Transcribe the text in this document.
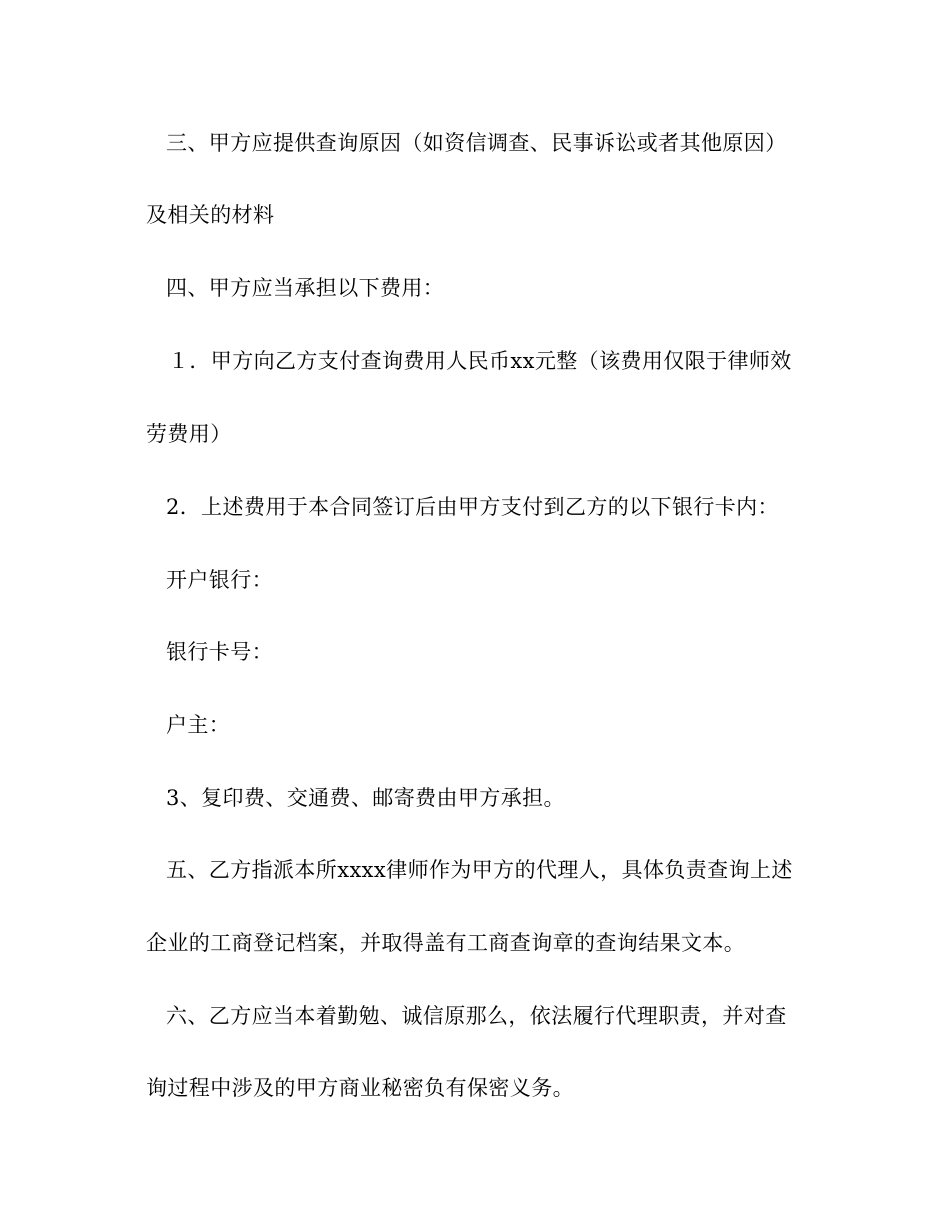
三、甲方应提供查询原因（如资信调查、民事诉讼或者其他原因）
及相关的材料
四、甲方应当承担以下费用：
１．甲方向乙方支付查询费用人民币xx元整（该费用仅限于律师效
劳费用）
2．上述费用于本合同签订后由甲方支付到乙方的以下银行卡内：
开户银行：
银行卡号：
户主：
3、复印费、交通费、邮寄费由甲方承担。
五、乙方指派本所xxxx律师作为甲方的代理人，具体负责查询上述
企业的工商登记档案，并取得盖有工商查询章的查询结果文本。
六、乙方应当本着勤勉、诚信原那么，依法履行代理职责，并对查
询过程中涉及的甲方商业秘密负有保密义务。
